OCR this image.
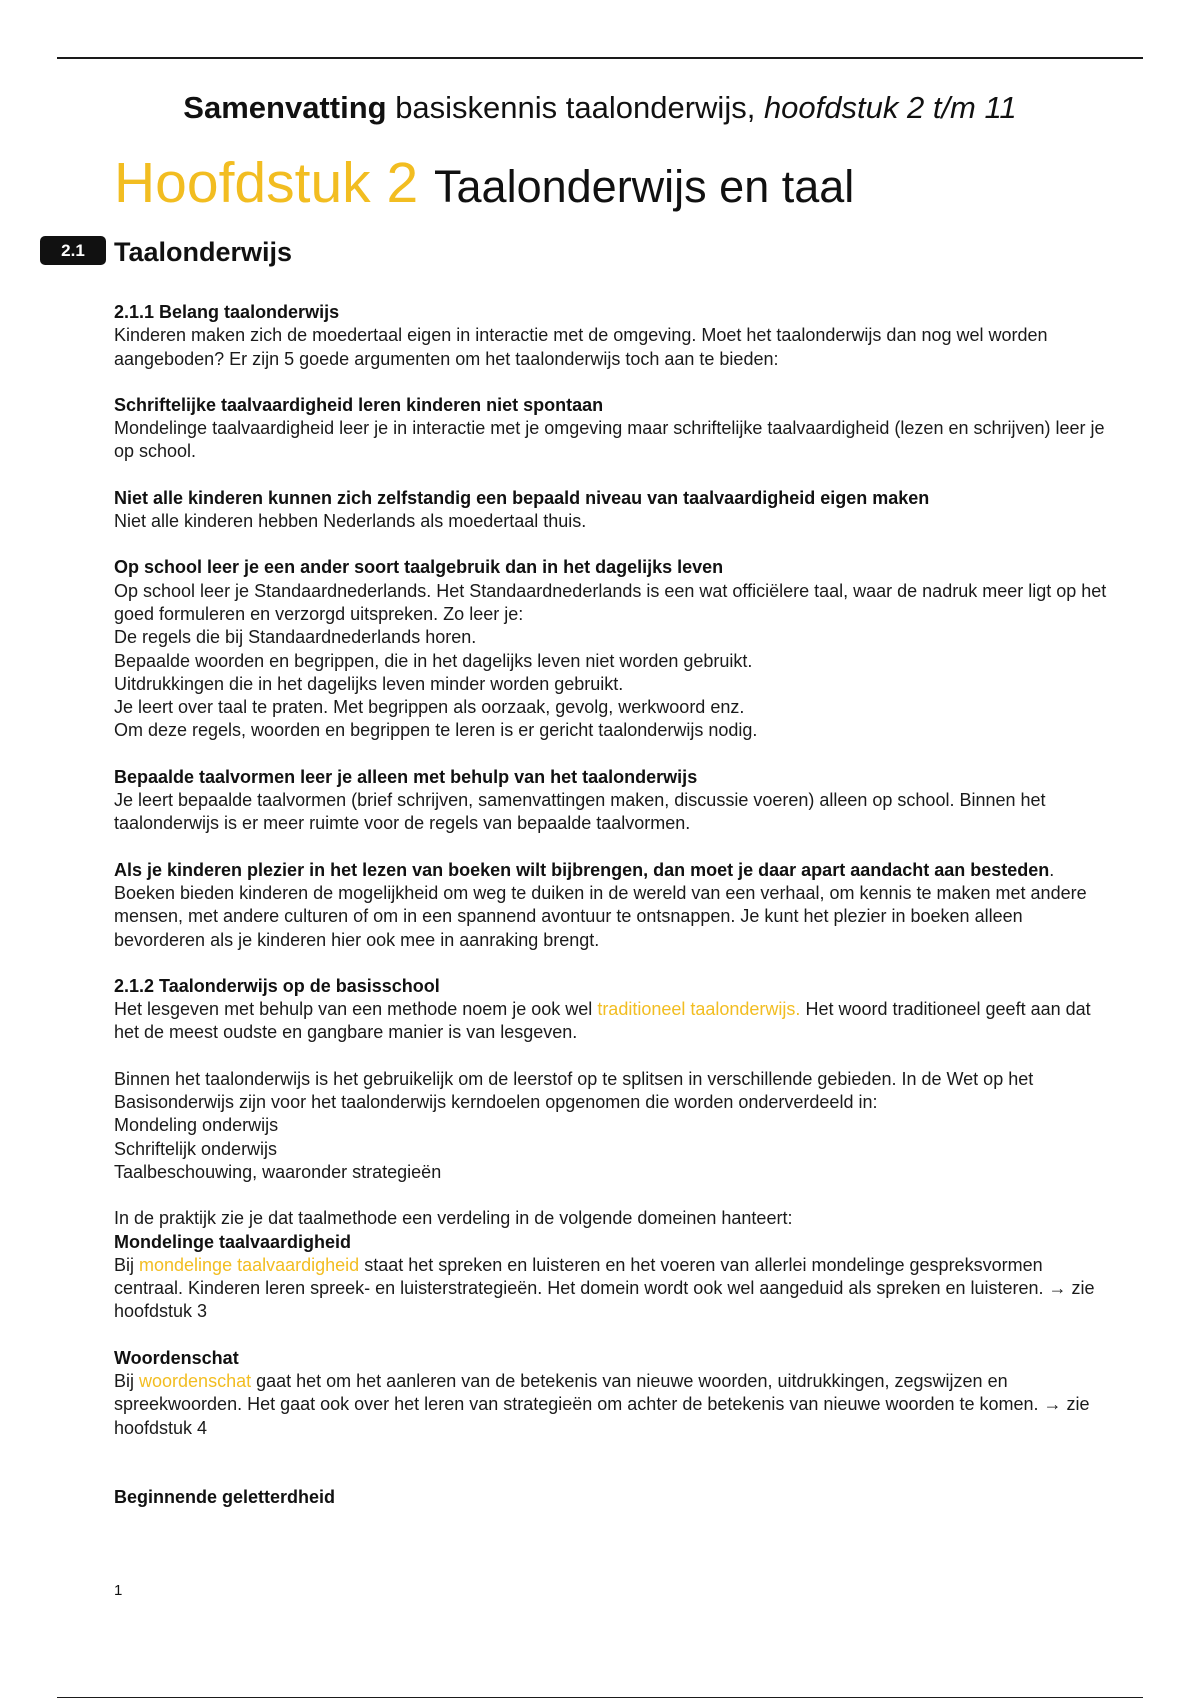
Samenvatting basiskennis taalonderwijs, hoofdstuk 2 t/m 11
Hoofdstuk 2 Taalonderwijs en taal
2.1	Taalonderwijs

2.1.1 Belang taalonderwijs

Kinderen maken zich de moedertaal eigen in interactie met de omgeving. Moet het taalonderwijs dan nog wel worden aangeboden? Er zijn 5 goede argumenten om het taalonderwijs toch aan te bieden:

Schriftelijke taalvaardigheid leren kinderen niet spontaan

Mondelinge taalvaardigheid leer je in interactie met je omgeving maar schriftelijke taalvaardigheid (lezen en schrijven) leer je op school.

Niet alle kinderen kunnen zich zelfstandig een bepaald niveau van taalvaardigheid eigen maken

Niet alle kinderen hebben Nederlands als moedertaal thuis.

Op school leer je een ander soort taalgebruik dan in het dagelijks leven

Op school leer je Standaardnederlands. Het Standaardnederlands is een wat officiëlere taal, waar de nadruk meer ligt op het goed formuleren en verzorgd uitspreken. Zo leer je:

De regels die bij Standaardnederlands horen.

Bepaalde woorden en begrippen, die in het dagelijks leven niet worden gebruikt.

Uitdrukkingen die in het dagelijks leven minder worden gebruikt.

Je leert over taal te praten. Met begrippen als oorzaak, gevolg, werkwoord enz.

Om deze regels, woorden en begrippen te leren is er gericht taalonderwijs nodig.

Bepaalde taalvormen leer je alleen met behulp van het taalonderwijs

Je leert bepaalde taalvormen (brief schrijven, samenvattingen maken, discussie voeren) alleen op school. Binnen het taalonderwijs is er meer ruimte voor de regels van bepaalde taalvormen.

Als je kinderen plezier in het lezen van boeken wilt bijbrengen, dan moet je daar apart aandacht aan besteden.

Boeken bieden kinderen de mogelijkheid om weg te duiken in de wereld van een verhaal, om kennis te maken met andere mensen, met andere culturen of om in een spannend avontuur te ontsnappen. Je kunt het plezier in boeken alleen bevorderen als je kinderen hier ook mee in aanraking brengt.

2.1.2 Taalonderwijs op de basisschool

Het lesgeven met behulp van een methode noem je ook wel traditioneel taalonderwijs. Het woord traditioneel geeft aan dat het de meest oudste en gangbare manier is van lesgeven.

Binnen het taalonderwijs is het gebruikelijk om de leerstof op te splitsen in verschillende gebieden. In de Wet op het Basisonderwijs zijn voor het taalonderwijs kerndoelen opgenomen die worden onderverdeeld in:

Mondeling onderwijs

Schriftelijk onderwijs

Taalbeschouwing, waaronder strategieën

In de praktijk zie je dat taalmethode een verdeling in de volgende domeinen hanteert:

Mondelinge taalvaardigheid

Bij mondelinge taalvaardigheid staat het spreken en luisteren en het voeren van allerlei mondelinge gespreksvormen centraal. Kinderen leren spreek- en luisterstrategieën. Het domein wordt ook wel aangeduid als spreken en luisteren. → zie hoofdstuk 3

Woordenschat

Bij woordenschat gaat het om het aanleren van de betekenis van nieuwe woorden, uitdrukkingen, zegswijzen en spreekwoorden. Het gaat ook over het leren van strategieën om achter de betekenis van nieuwe woorden te komen. → zie hoofdstuk 4

Beginnende geletterdheid

1
